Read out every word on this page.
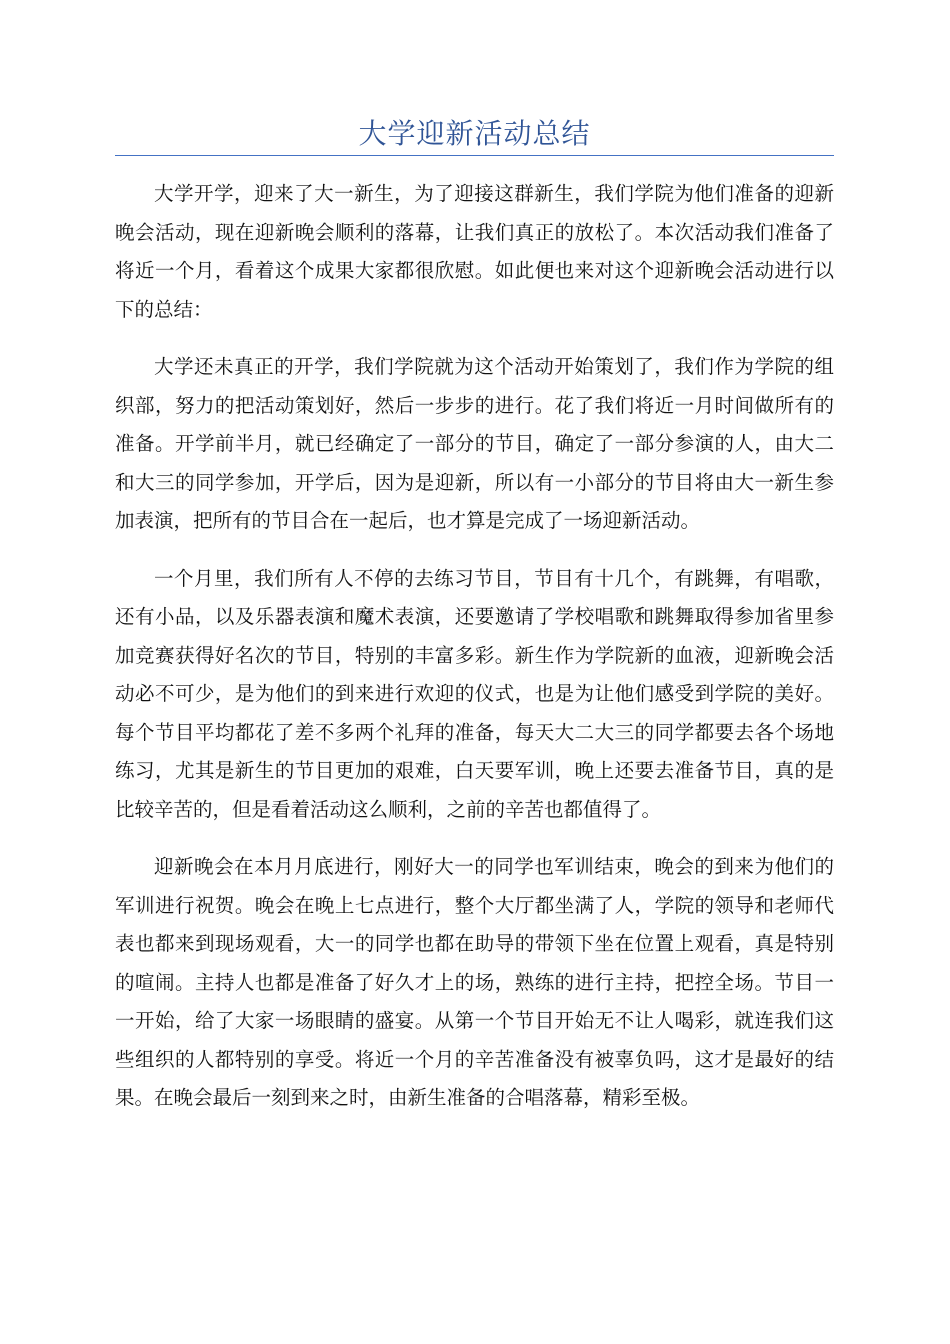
大学迎新活动总结

大学开学，迎来了大一新生，为了迎接这群新生，我们学院为他们准备的迎新晚会活动，现在迎新晚会顺利的落幕，让我们真正的放松了。本次活动我们准备了将近一个月，看着这个成果大家都很欣慰。如此便也来对这个迎新晚会活动进行以下的总结：

大学还未真正的开学，我们学院就为这个活动开始策划了，我们作为学院的组织部，努力的把活动策划好，然后一步步的进行。花了我们将近一月时间做所有的准备。开学前半月，就已经确定了一部分的节目，确定了一部分参演的人，由大二和大三的同学参加，开学后，因为是迎新，所以有一小部分的节目将由大一新生参加表演，把所有的节目合在一起后，也才算是完成了一场迎新活动。

一个月里，我们所有人不停的去练习节目，节目有十几个，有跳舞，有唱歌，还有小品，以及乐器表演和魔术表演，还要邀请了学校唱歌和跳舞取得参加省里参加竞赛获得好名次的节目，特别的丰富多彩。新生作为学院新的血液，迎新晚会活动必不可少，是为他们的到来进行欢迎的仪式，也是为让他们感受到学院的美好。每个节目平均都花了差不多两个礼拜的准备，每天大二大三的同学都要去各个场地练习，尤其是新生的节目更加的艰难，白天要军训，晚上还要去准备节目，真的是比较辛苦的，但是看着活动这么顺利，之前的辛苦也都值得了。

迎新晚会在本月月底进行，刚好大一的同学也军训结束，晚会的到来为他们的军训进行祝贺。晚会在晚上七点进行，整个大厅都坐满了人，学院的领导和老师代表也都来到现场观看，大一的同学也都在助导的带领下坐在位置上观看，真是特别的喧闹。主持人也都是准备了好久才上的场，熟练的进行主持，把控全场。节目一一开始，给了大家一场眼睛的盛宴。从第一个节目开始无不让人喝彩，就连我们这些组织的人都特别的享受。将近一个月的辛苦准备没有被辜负吗，这才是最好的结果。在晚会最后一刻到来之时，由新生准备的合唱落幕，精彩至极。
